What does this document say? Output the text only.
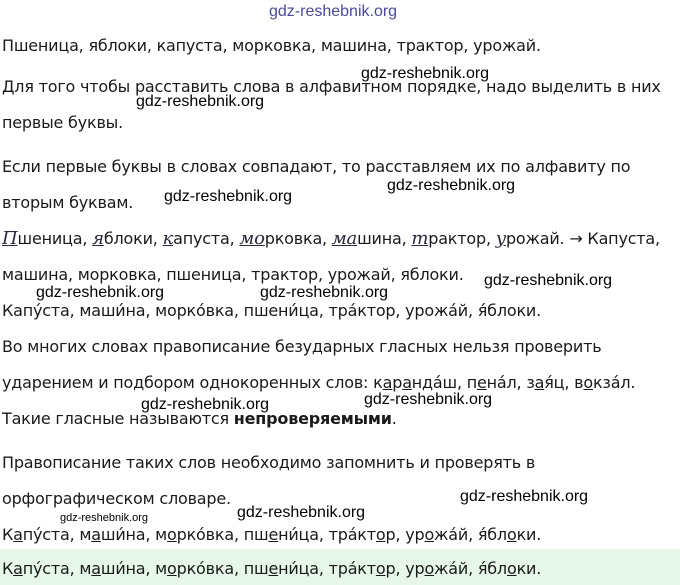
gdz-reshebnik.org
gdz-reshebnik.org
gdz-reshebnik.org
gdz-reshebnik.org
gdz-reshebnik.org
gdz-reshebnik.org
gdz-reshebnik.org	gdz-reshebnik.org
gdz-reshebnik.org	gdz-reshebnik.org
gdz-reshebnik.org
gdz-reshebnik.org
gdz-reshebnik.org
Пшеница, яблоки, капуста, морковка, машина, трактор, урожай.
Для того чтобы расставить слова в алфавитном порядке, надо выделить в них
первые буквы.
Если первые буквы в словах совпадают, то расставляем их по алфавиту по
вторым буквам.
Пшеница, яблоки, капуста, морковка, машина, трактор, урожай. → Капуста,
машина, морковка, пшеница, трактор, урожай, яблоки.
Капу́ста, маши́на, морко́вка, пшени́ца, тра́ктор, урожа́й, я́блоки.
Во многих словах правописание безударных гласных нельзя проверить
ударением и подбором однокоренных слов: каранда́ш, пена́л, зая́ц, вокза́л.
Такие гласные называются непроверяемыми.
Правописание таких слов необходимо запомнить и проверять в
орфографическом словаре.
Капу́ста, маши́на, морко́вка, пшени́ца, тра́ктор, урожа́й, я́блоки.
Капу́ста, маши́на, морко́вка, пшени́ца, тра́ктор, урожа́й, я́блоки.
